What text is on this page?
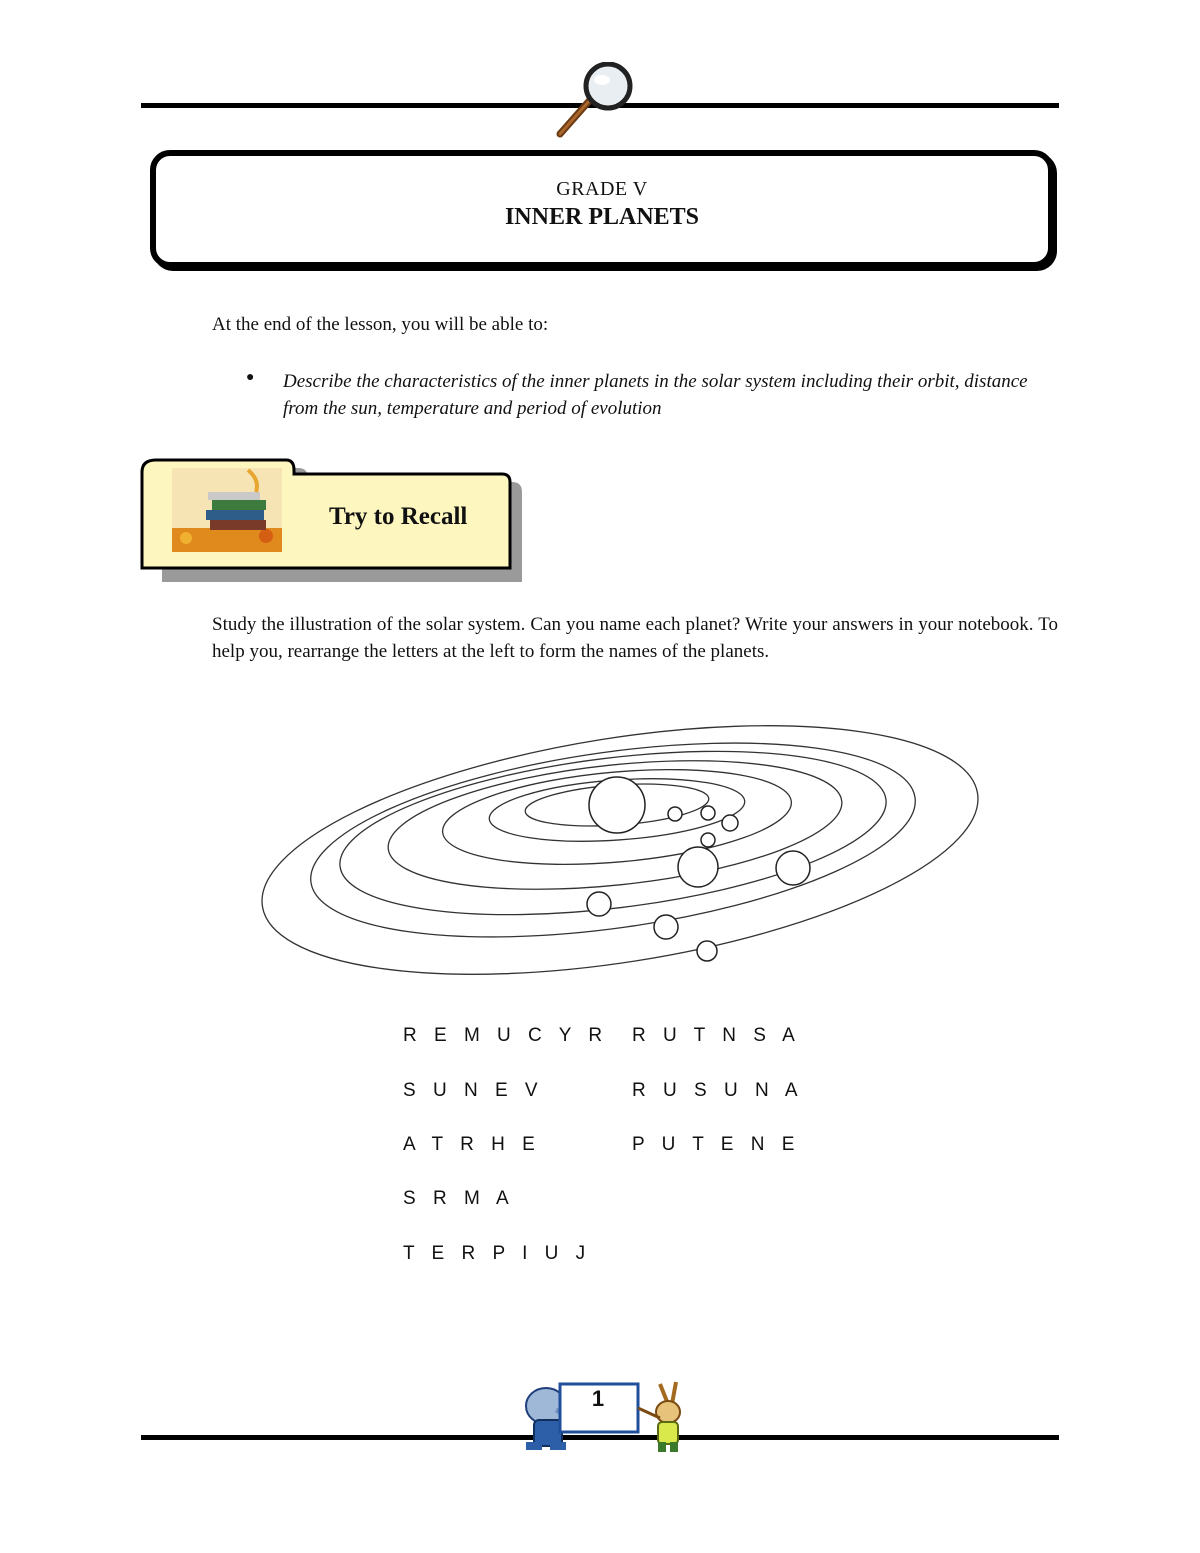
GRADE V
INNER PLANETS
At the end of the lesson, you will be able to:
● Describe the characteristics of the inner planets in the solar system including their orbit, distance from the sun, temperature and period of evolution
Try to Recall
Study the illustration of the solar system. Can you name each planet? Write your answers in your notebook. To help you, rearrange the letters at the left to form the names of the planets.
R E M U C Y R
S U N E V
A T R H E
S R M A
T E R P I U J
R U T N S A
R U S U N A
P U T E N E
1
